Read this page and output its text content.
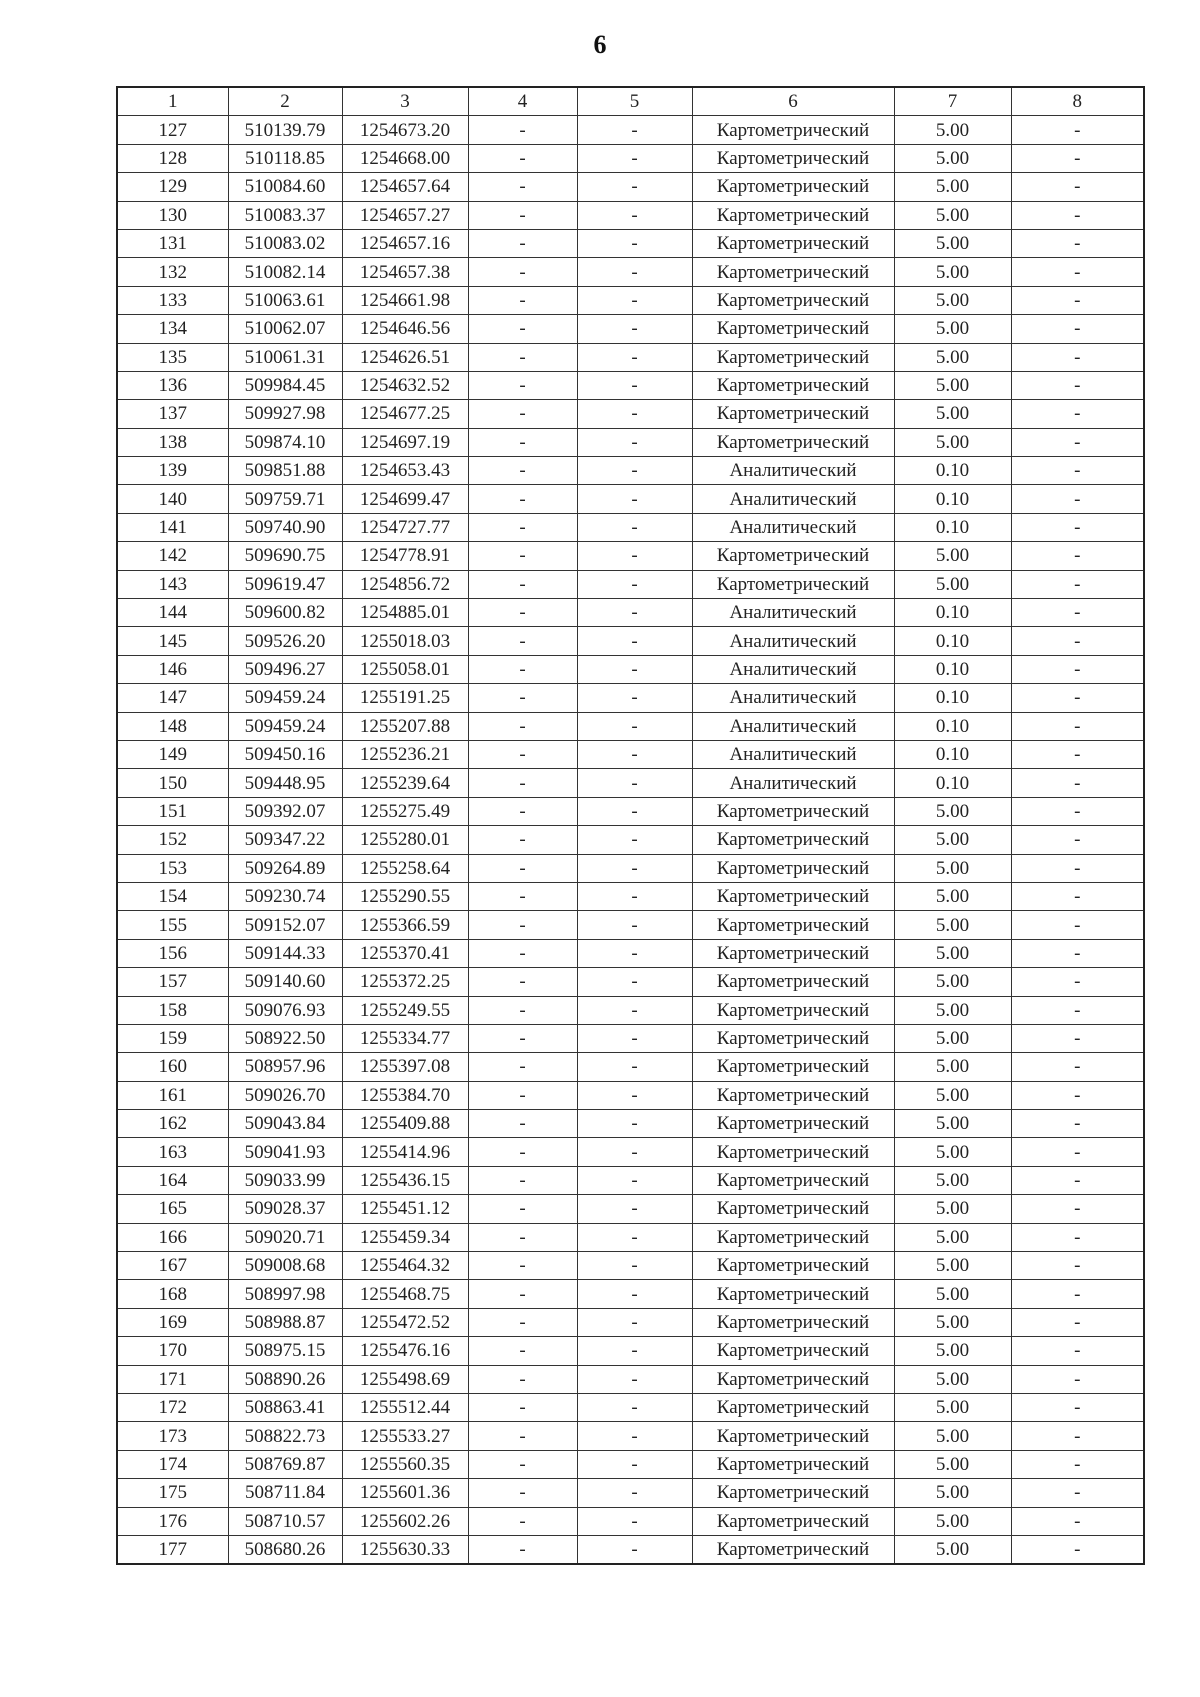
6
1	2	3	4	5	6	7	8
127	510139.79	1254673.20	-	-	Картометрический	5.00	-
128	510118.85	1254668.00	-	-	Картометрический	5.00	-
129	510084.60	1254657.64	-	-	Картометрический	5.00	-
130	510083.37	1254657.27	-	-	Картометрический	5.00	-
131	510083.02	1254657.16	-	-	Картометрический	5.00	-
132	510082.14	1254657.38	-	-	Картометрический	5.00	-
133	510063.61	1254661.98	-	-	Картометрический	5.00	-
134	510062.07	1254646.56	-	-	Картометрический	5.00	-
135	510061.31	1254626.51	-	-	Картометрический	5.00	-
136	509984.45	1254632.52	-	-	Картометрический	5.00	-
137	509927.98	1254677.25	-	-	Картометрический	5.00	-
138	509874.10	1254697.19	-	-	Картометрический	5.00	-
139	509851.88	1254653.43	-	-	Аналитический	0.10	-
140	509759.71	1254699.47	-	-	Аналитический	0.10	-
141	509740.90	1254727.77	-	-	Аналитический	0.10	-
142	509690.75	1254778.91	-	-	Картометрический	5.00	-
143	509619.47	1254856.72	-	-	Картометрический	5.00	-
144	509600.82	1254885.01	-	-	Аналитический	0.10	-
145	509526.20	1255018.03	-	-	Аналитический	0.10	-
146	509496.27	1255058.01	-	-	Аналитический	0.10	-
147	509459.24	1255191.25	-	-	Аналитический	0.10	-
148	509459.24	1255207.88	-	-	Аналитический	0.10	-
149	509450.16	1255236.21	-	-	Аналитический	0.10	-
150	509448.95	1255239.64	-	-	Аналитический	0.10	-
151	509392.07	1255275.49	-	-	Картометрический	5.00	-
152	509347.22	1255280.01	-	-	Картометрический	5.00	-
153	509264.89	1255258.64	-	-	Картометрический	5.00	-
154	509230.74	1255290.55	-	-	Картометрический	5.00	-
155	509152.07	1255366.59	-	-	Картометрический	5.00	-
156	509144.33	1255370.41	-	-	Картометрический	5.00	-
157	509140.60	1255372.25	-	-	Картометрический	5.00	-
158	509076.93	1255249.55	-	-	Картометрический	5.00	-
159	508922.50	1255334.77	-	-	Картометрический	5.00	-
160	508957.96	1255397.08	-	-	Картометрический	5.00	-
161	509026.70	1255384.70	-	-	Картометрический	5.00	-
162	509043.84	1255409.88	-	-	Картометрический	5.00	-
163	509041.93	1255414.96	-	-	Картометрический	5.00	-
164	509033.99	1255436.15	-	-	Картометрический	5.00	-
165	509028.37	1255451.12	-	-	Картометрический	5.00	-
166	509020.71	1255459.34	-	-	Картометрический	5.00	-
167	509008.68	1255464.32	-	-	Картометрический	5.00	-
168	508997.98	1255468.75	-	-	Картометрический	5.00	-
169	508988.87	1255472.52	-	-	Картометрический	5.00	-
170	508975.15	1255476.16	-	-	Картометрический	5.00	-
171	508890.26	1255498.69	-	-	Картометрический	5.00	-
172	508863.41	1255512.44	-	-	Картометрический	5.00	-
173	508822.73	1255533.27	-	-	Картометрический	5.00	-
174	508769.87	1255560.35	-	-	Картометрический	5.00	-
175	508711.84	1255601.36	-	-	Картометрический	5.00	-
176	508710.57	1255602.26	-	-	Картометрический	5.00	-
177	508680.26	1255630.33	-	-	Картометрический	5.00	-
